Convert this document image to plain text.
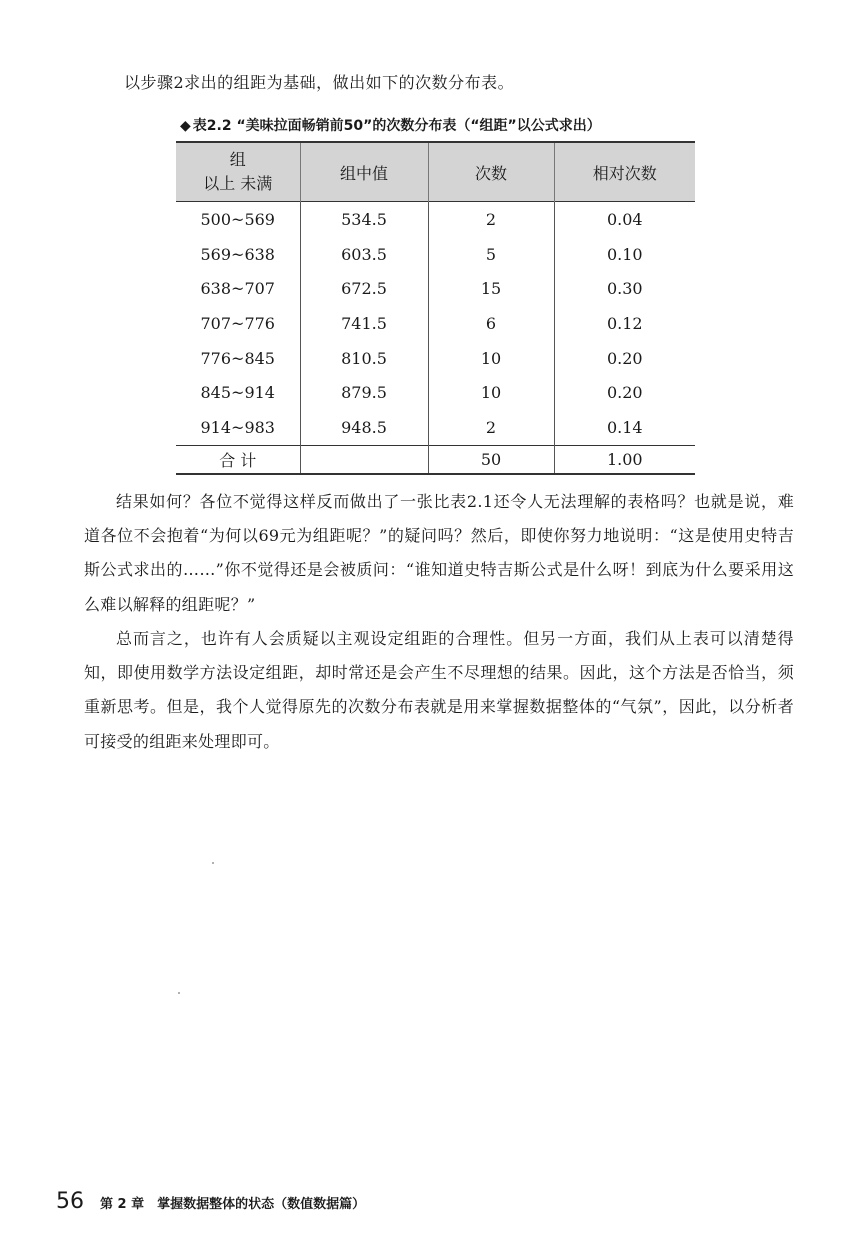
以步骤2求出的组距为基础，做出如下的次数分布表。
◆ 表2.2 “美味拉面畅销前50”的次数分布表（“组距”以公式求出）
组
以上 未满	组中值	次数	相对次数
500~569	534.5	2	0.04
569~638	603.5	5	0.10
638~707	672.5	15	0.30
707~776	741.5	6	0.12
776~845	810.5	10	0.20
845~914	879.5	10	0.20
914~983	948.5	2	0.14
合 计		50	1.00

结果如何？各位不觉得这样反而做出了一张比表2.1还令人无法理解的表格吗？也就是说，难道各位不会抱着“为何以69元为组距呢？”的疑问吗？然后，即使你努力地说明：“这是使用史特吉斯公式求出的……”你不觉得还是会被质问：“谁知道史特吉斯公式是什么呀！到底为什么要采用这么难以解释的组距呢？”

总而言之，也许有人会质疑以主观设定组距的合理性。但另一方面，我们从上表可以清楚得知，即使用数学方法设定组距，却时常还是会产生不尽理想的结果。因此，这个方法是否恰当，须重新思考。但是，我个人觉得原先的次数分布表就是用来掌握数据整体的“气氛”，因此，以分析者可接受的组距来处理即可。

56 第 2 章　掌握数据整体的状态（数值数据篇）
